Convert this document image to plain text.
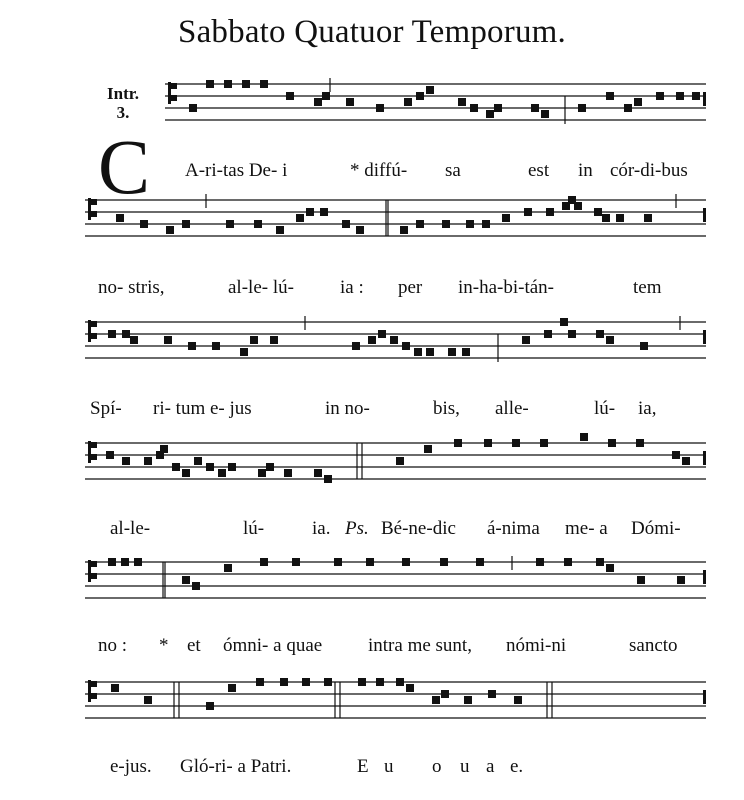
Sabbato Quatuor Temporum.
Intr.
3.
C A-ri-tas De- i	* diffú- sa	est in cór-di-bus
no- stris,	al-le- lú- ia : per in-ha-bi-tán-	tem
Spí- ri- tum e- jus	in no-	bis, alle-	lú- ia,
al-le-	lú-	ia. Ps. Bé-ne-dic á-nima me- a Dómi-
no : * et ómni- a quae intra me sunt, nómi-ni	sancto
e-jus. Gló-ri- a Patri.	E u o u a e.
